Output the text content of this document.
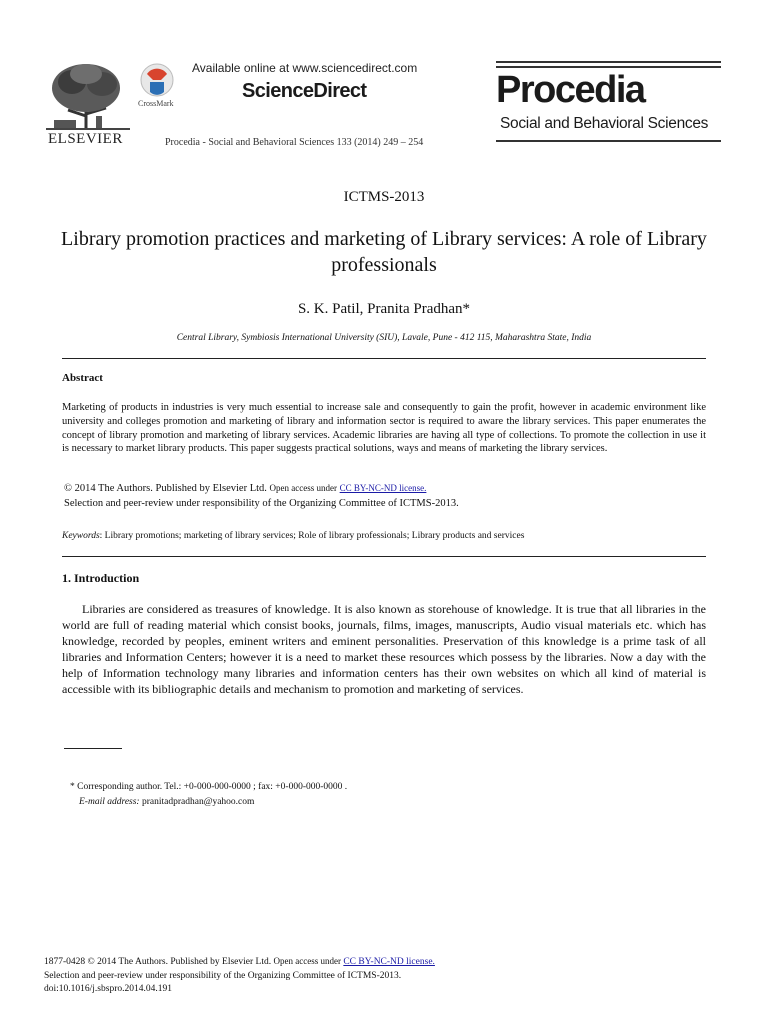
ELSEVIER
CrossMark
Available online at www.sciencedirect.com
ScienceDirect
Procedia - Social and Behavioral Sciences 133 (2014) 249 – 254
Procedia
Social and Behavioral Sciences
ICTMS-2013
Library promotion practices and marketing of Library services: A role of Library professionals
S. K. Patil, Pranita Pradhan*
Central Library, Symbiosis International University (SIU), Lavale, Pune - 412 115, Maharashtra State, India
Abstract
Marketing of products in industries is very much essential to increase sale and consequently to gain the profit, however in academic environment like university and colleges promotion and marketing of library and information sector is required to aware the library services. This paper enumerates the concept of library promotion and marketing of library services. Academic libraries are having all type of collections. To promote the collection in use it is necessary to market library products. This paper suggests practical solutions, ways and means of marketing the library services.
© 2014 The Authors. Published by Elsevier Ltd. Open access under CC BY-NC-ND license.
Selection and peer-review under responsibility of the Organizing Committee of ICTMS-2013.
Keywords: Library promotions; marketing of library services; Role of library professionals; Library products and services
1. Introduction
Libraries are considered as treasures of knowledge. It is also known as storehouse of knowledge. It is true that all libraries in the world are full of reading material which consist books, journals, films, images, manuscripts, Audio visual materials etc. which has knowledge, recorded by peoples, eminent writers and eminent personalities. Preservation of this knowledge is a prime task of all libraries and Information Centers; however it is a need to market these resources which possess by the libraries. Now a day with the help of Information technology many libraries and information centers has their own websites on which all kind of material is accessible with its bibliographic details and mechanism to promotion and marketing of services.
* Corresponding author. Tel.: +0-000-000-0000 ; fax: +0-000-000-0000 .
E-mail address: pranitadpradhan@yahoo.com
1877-0428 © 2014 The Authors. Published by Elsevier Ltd. Open access under CC BY-NC-ND license.
Selection and peer-review under responsibility of the Organizing Committee of ICTMS-2013.
doi:10.1016/j.sbspro.2014.04.191
